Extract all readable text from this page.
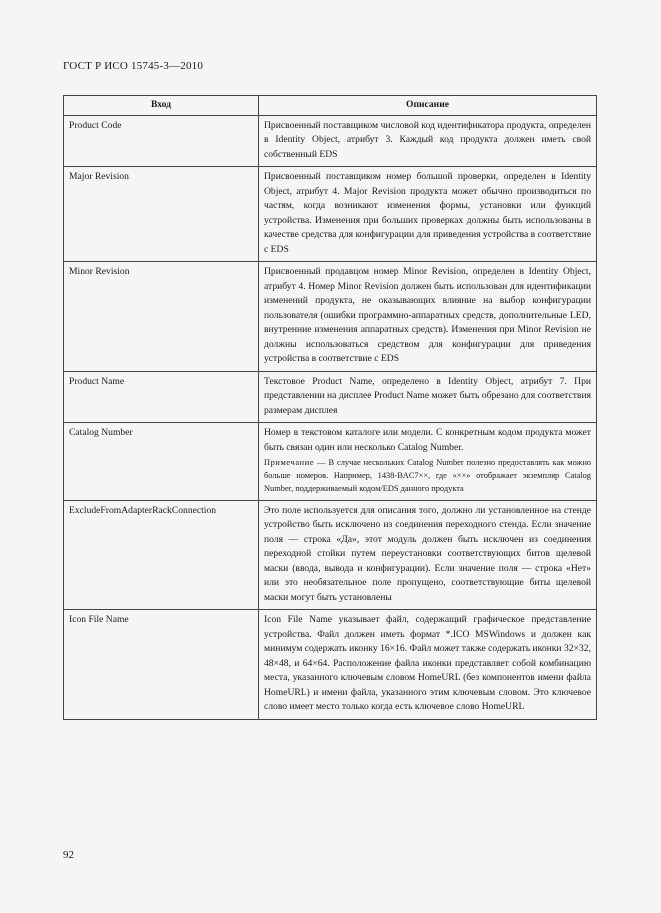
ГОСТ Р ИСО 15745-3—2010
Вход	Описание
Product Code	Присвоенный поставщиком числовой код идентификатора продукта, определен в Identity Object, атрибут 3. Каждый код продукта должен иметь свой собственный EDS
Major Revision	Присвоенный поставщиком номер большой проверки, определен в Identity Object, атрибут 4. Major Revision продукта может обычно производиться по частям, когда возникают изменения формы, установки или функций устройства. Изменения при больших проверках должны быть использованы в качестве средства для конфигурации для приведения устройства в соответствие с EDS
Minor Revision	Присвоенный продавцом номер Minor Revision, определен в Identity Object, атрибут 4. Номер Minor Revision должен быть использован для идентификации изменений продукта, не оказывающих влияние на выбор конфигурации пользователя (ошибки программно-аппаратных средств, дополнительные LED, внутренние изменения аппаратных средств). Изменения при Minor Revision не должны использоваться средством для конфигурации для приведения устройства в соответствие с EDS
Product Name	Текстовое Product Name, определено в Identity Object, атрибут 7. При представлении на дисплее Product Name может быть обрезано для соответствия размерам дисплея
Catalog Number	Номер в текстовом каталоге или модели. С конкретным кодом продукта может быть связан один или несколько Catalog Number.
Примечание — В случае нескольких Catalog Number полезно предоставлять как можно больше номеров. Например, 1438-BAC7××, где «××» отображает экземпляр Catalog Number, поддерживаемый кодом/EDS данного продукта

ExcludeFromAdapterRackConnection	Это поле используется для описания того, должно ли установленное на стенде устройство быть исключено из соединения переходного стенда. Если значение поля — строка «Да», этот модуль должен быть исключен из соединения переходной стойки путем переустановки соответствующих битов щелевой маски (ввода, вывода и конфигурации). Если значение поля — строка «Нет» или это необязательное поле пропущено, соответствующие биты щелевой маски могут быть установлены
Icon File Name	Icon File Name указывает файл, содержащий графическое представление устройства. Файл должен иметь формат *.ICO MSWindows и должен как минимум содержать иконку 16×16. Файл может также содержать иконки 32×32, 48×48, и 64×64. Расположение файла иконки представляет собой комбинацию места, указанного ключевым словом HomeURL (без компонентов имени файла HomeURL) и имени файла, указанного этим ключевым словом. Это ключевое слово имеет место только когда есть ключевое слово HomeURL
92
